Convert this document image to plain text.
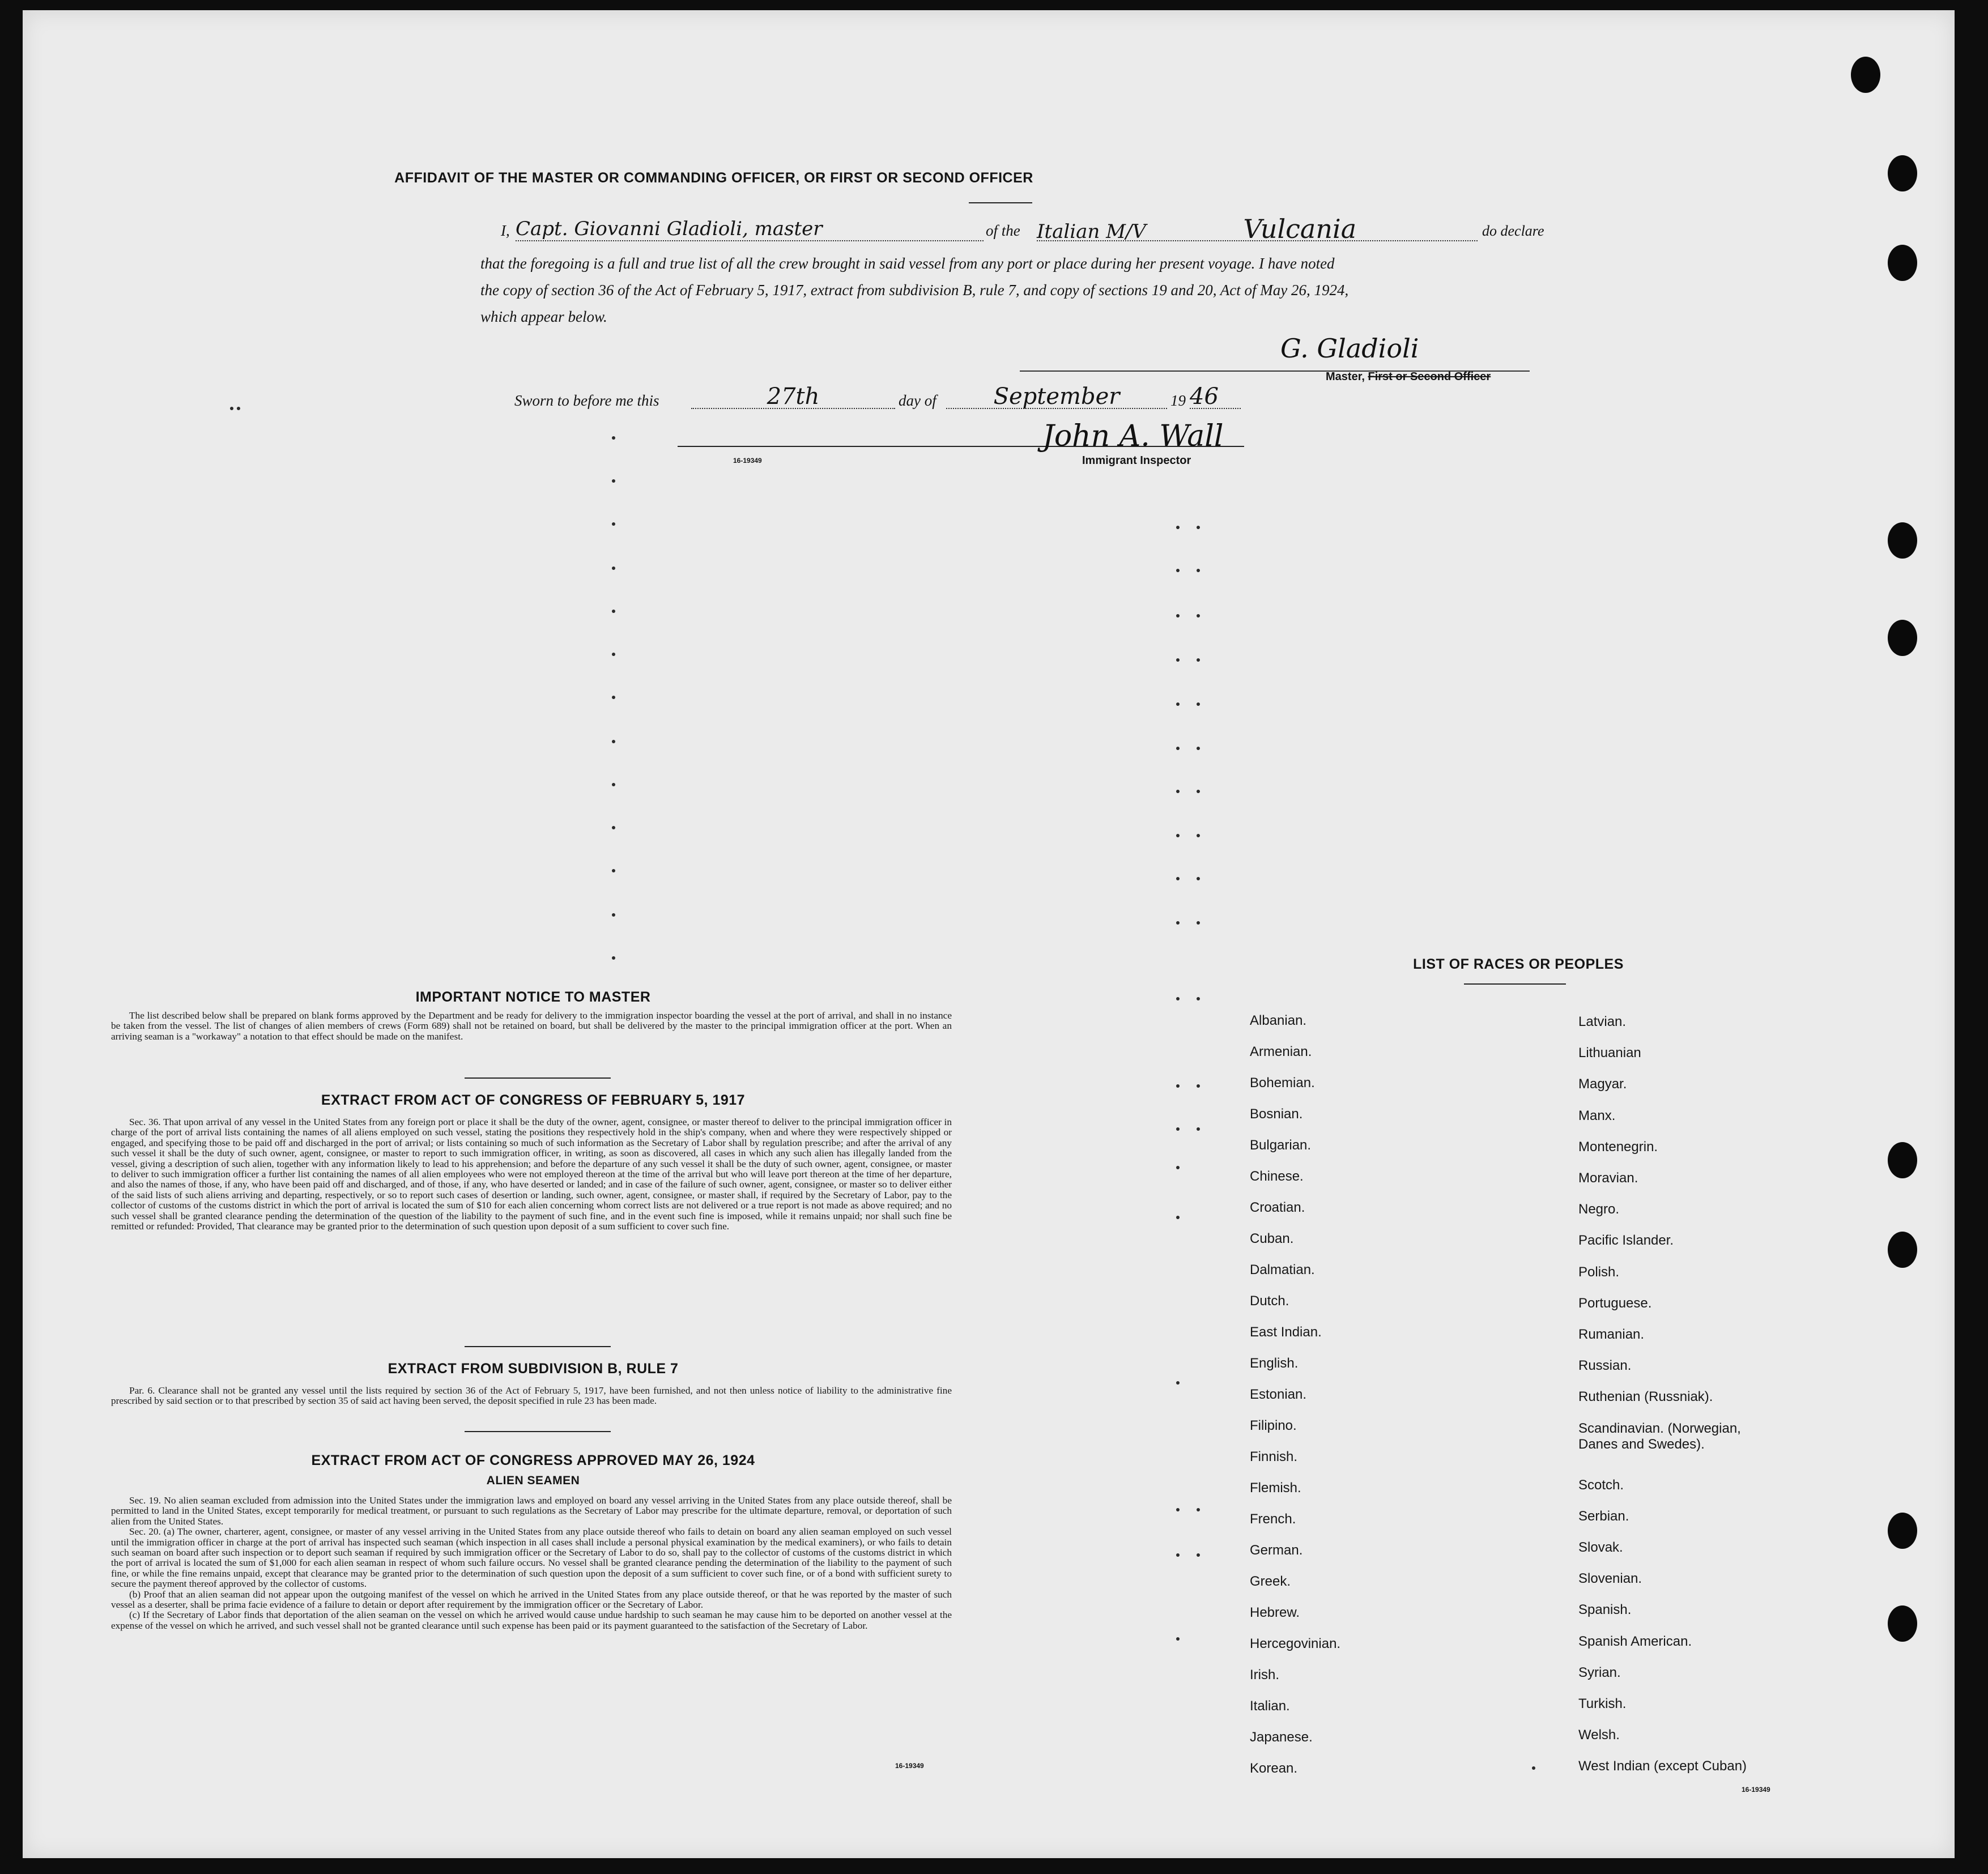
AFFIDAVIT OF THE MASTER OR COMMANDING OFFICER, OR FIRST OR SECOND OFFICER
I, Capt. Giovanni Gladioli, master	of the Italian M/V	Vulcania	do declare
that the foregoing is a full and true list of all the crew brought in said vessel from any port or place during her present voyage. I have noted
the copy of section 36 of the Act of February 5, 1917, extract from subdivision B, rule 7, and copy of sections 19 and 20, Act of May 26, 1924,
which appear below.
G. Gladioli
Master, First or Second Officer
Sworn to before me this	27th	day of	September	19 46
John A. Wall
16-19349	Immigrant Inspector
IMPORTANT NOTICE TO MASTER

The list described below shall be prepared on blank forms approved by the Department and be ready for delivery to the immigration inspector boarding the vessel at the port of arrival, and shall in no instance be taken from the vessel. The list of changes of alien members of crews (Form 689) shall not be retained on board, but shall be delivered by the master to the principal immigration officer at the port. When an arriving seaman is a "workaway" a notation to that effect should be made on the manifest.

EXTRACT FROM ACT OF CONGRESS OF FEBRUARY 5, 1917

Sec. 36. That upon arrival of any vessel in the United States from any foreign port or place it shall be the duty of the owner, agent, consignee, or master thereof to deliver to the principal immigration officer in charge of the port of arrival lists containing the names of all aliens employed on such vessel, stating the positions they respectively hold in the ship's company, when and where they were respectively shipped or engaged, and specifying those to be paid off and discharged in the port of arrival; or lists containing so much of such information as the Secretary of Labor shall by regulation prescribe; and after the arrival of any such vessel it shall be the duty of such owner, agent, consignee, or master to report to such immigration officer, in writing, as soon as discovered, all cases in which any such alien has illegally landed from the vessel, giving a description of such alien, together with any information likely to lead to his apprehension; and before the departure of any such vessel it shall be the duty of such owner, agent, consignee, or master to deliver to such immigration officer a further list containing the names of all alien employees who were not employed thereon at the time of the arrival but who will leave port thereon at the time of her departure, and also the names of those, if any, who have been paid off and discharged, and of those, if any, who have deserted or landed; and in case of the failure of such owner, agent, consignee, or master so to deliver either of the said lists of such aliens arriving and departing, respectively, or so to report such cases of desertion or landing, such owner, agent, consignee, or master shall, if required by the Secretary of Labor, pay to the collector of customs of the customs district in which the port of arrival is located the sum of $10 for each alien concerning whom correct lists are not delivered or a true report is not made as above required; and no such vessel shall be granted clearance pending the determination of the question of the liability to the payment of such fine, and in the event such fine is imposed, while it remains unpaid; nor shall such fine be remitted or refunded: Provided, That clearance may be granted prior to the determination of such question upon deposit of a sum sufficient to cover such fine.

EXTRACT FROM SUBDIVISION B, RULE 7

Par. 6. Clearance shall not be granted any vessel until the lists required by section 36 of the Act of February 5, 1917, have been furnished, and not then unless notice of liability to the administrative fine prescribed by said section or to that prescribed by section 35 of said act having been served, the deposit specified in rule 23 has been made.

EXTRACT FROM ACT OF CONGRESS APPROVED MAY 26, 1924
ALIEN SEAMEN

Sec. 19. No alien seaman excluded from admission into the United States under the immigration laws and employed on board any vessel arriving in the United States from any place outside thereof, shall be permitted to land in the United States, except temporarily for medical treatment, or pursuant to such regulations as the Secretary of Labor may prescribe for the ultimate departure, removal, or deportation of such alien from the United States.

Sec. 20. (a) The owner, charterer, agent, consignee, or master of any vessel arriving in the United States from any place outside thereof who fails to detain on board any alien seaman employed on such vessel until the immigration officer in charge at the port of arrival has inspected such seaman (which inspection in all cases shall include a personal physical examination by the medical examiners), or who fails to detain such seaman on board after such inspection or to deport such seaman if required by such immigration officer or the Secretary of Labor to do so, shall pay to the collector of customs of the customs district in which the port of arrival is located the sum of $1,000 for each alien seaman in respect of whom such failure occurs. No vessel shall be granted clearance pending the determination of the liability to the payment of such fine, or while the fine remains unpaid, except that clearance may be granted prior to the determination of such question upon the deposit of a sum sufficient to cover such fine, or of a bond with sufficient surety to secure the payment thereof approved by the collector of customs.

(b) Proof that an alien seaman did not appear upon the outgoing manifest of the vessel on which he arrived in the United States from any place outside thereof, or that he was reported by the master of such vessel as a deserter, shall be prima facie evidence of a failure to detain or deport after requirement by the immigration officer or the Secretary of Labor.

(c) If the Secretary of Labor finds that deportation of the alien seaman on the vessel on which he arrived would cause undue hardship to such seaman he may cause him to be deported on another vessel at the expense of the vessel on which he arrived, and such vessel shall not be granted clearance until such expense has been paid or its payment guaranteed to the satisfaction of the Secretary of Labor.

16-19349
LIST OF RACES OR PEOPLES
Albanian.
Armenian.
Bohemian.
Bosnian.
Bulgarian.
Chinese.
Croatian.
Cuban.
Dalmatian.
Dutch.
East Indian.
English.
Estonian.
Filipino.
Finnish.
Flemish.
French.
German.
Greek.
Hebrew.
Hercegovinian.
Irish.
Italian.
Japanese.
Korean.
Latvian.
Lithuanian
Magyar.
Manx.
Montenegrin.
Moravian.
Negro.
Pacific Islander.
Polish.
Portuguese.
Rumanian.
Russian.
Ruthenian (Russniak).
Scandinavian. (Norwegian,
Danes and Swedes).
Scotch.
Serbian.
Slovak.
Slovenian.
Spanish.
Spanish American.
Syrian.
Turkish.
Welsh.
West Indian (except Cuban)
16-19349
